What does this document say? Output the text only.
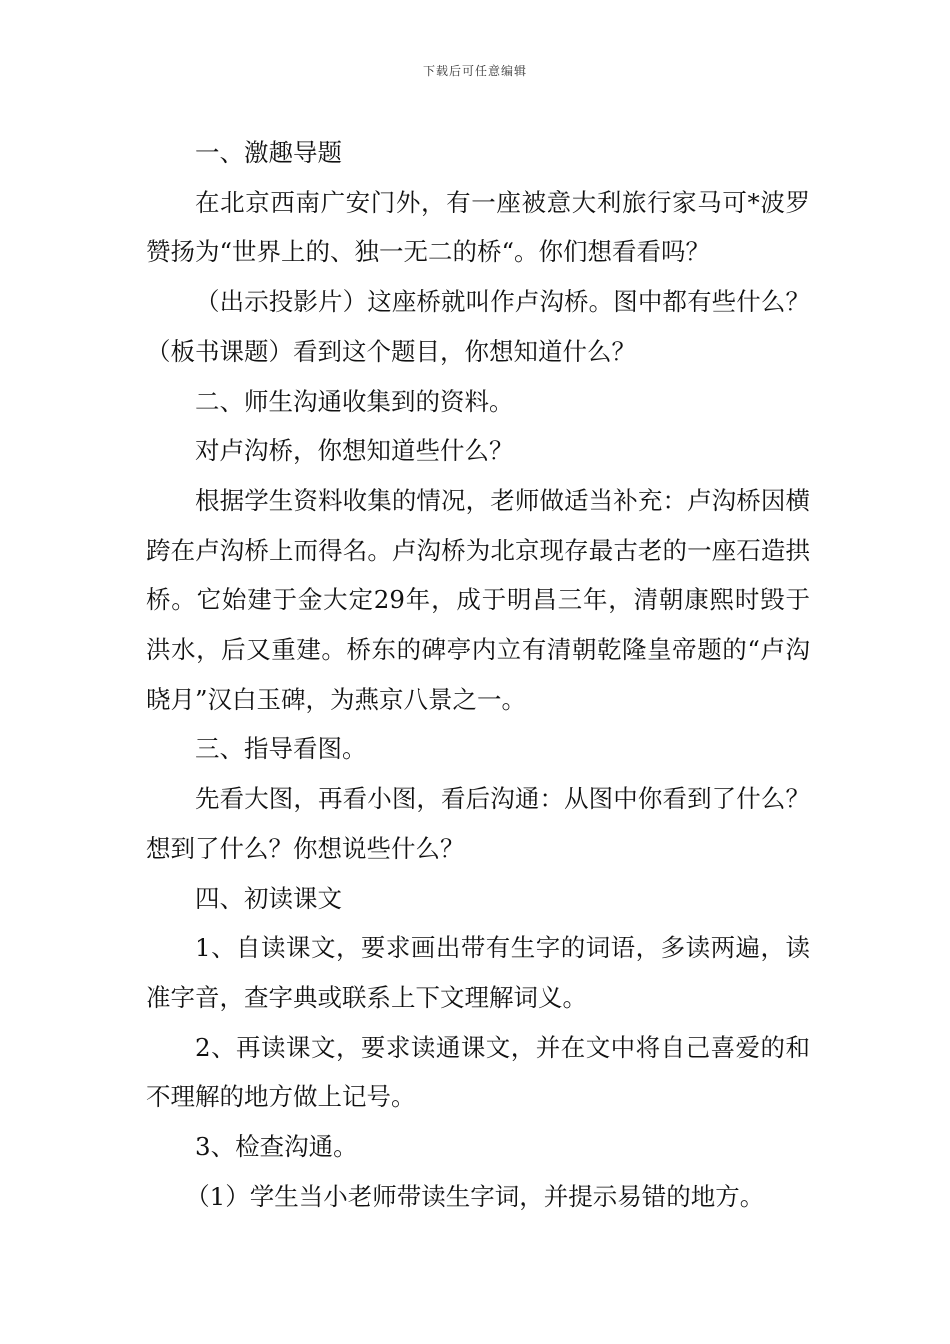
下载后可任意编辑

一、激趣导题

在北京西南广安门外，有一座被意大利旅行家马可*波罗赞扬为“世界上的、独一无二的桥“。你们想看看吗？

（出示投影片）这座桥就叫作卢沟桥。图中都有些什么？（板书课题）看到这个题目，你想知道什么？

二、师生沟通收集到的资料。

对卢沟桥，你想知道些什么？

根据学生资料收集的情况，老师做适当补充：卢沟桥因横跨在卢沟桥上而得名。卢沟桥为北京现存最古老的一座石造拱桥。它始建于金大定29年，成于明昌三年，清朝康熙时毁于洪水，后又重建。桥东的碑亭内立有清朝乾隆皇帝题的“卢沟晓月”汉白玉碑，为燕京八景之一。

三、指导看图。

先看大图，再看小图，看后沟通：从图中你看到了什么？想到了什么？你想说些什么？

四、初读课文

1、自读课文，要求画出带有生字的词语，多读两遍，读准字音，查字典或联系上下文理解词义。

2、再读课文，要求读通课文，并在文中将自己喜爱的和不理解的地方做上记号。

3、检查沟通。

（1）学生当小老师带读生字词，并提示易错的地方。
